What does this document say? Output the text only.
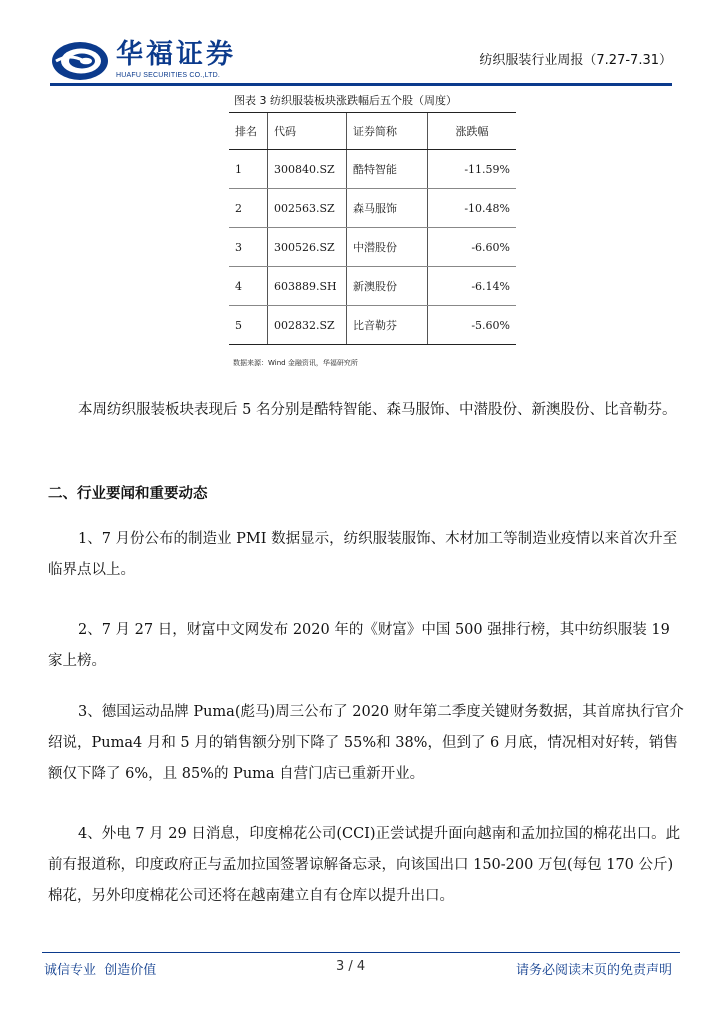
华福证券
HUAFU SECURITIES CO.,LTD.
纺织服装行业周报（7.27-7.31）
图表 3 纺织服装板块涨跌幅后五个股（周度）
排名	代码	证券简称	涨跌幅
1	300840.SZ	酷特智能	-11.59%
2	002563.SZ	森马服饰	-10.48%
3	300526.SZ	中潜股份	-6.60%
4	603889.SH	新澳股份	-6.14%
5	002832.SZ	比音勒芬	-5.60%
数据来源：Wind 金融资讯，华福研究所

本周纺织服装板块表现后 5 名分别是酷特智能、森马服饰、中潜股份、新澳股份、比音勒芬。

二、行业要闻和重要动态

1、7 月份公布的制造业 PMI 数据显示，纺织服装服饰、木材加工等制造业疫情以来首次升至临界点以上。

2、7 月 27 日，财富中文网发布 2020 年的《财富》中国 500 强排行榜，其中纺织服装 19 家上榜。

3、德国运动品牌 Puma(彪马)周三公布了 2020 财年第二季度关键财务数据，其首席执行官介绍说，Puma4 月和 5 月的销售额分别下降了 55%和 38%，但到了 6 月底，情况相对好转，销售额仅下降了 6%，且 85%的 Puma 自营门店已重新开业。

4、外电 7 月 29 日消息，印度棉花公司(CCI)正尝试提升面向越南和孟加拉国的棉花出口。此前有报道称，印度政府正与孟加拉国签署谅解备忘录，向该国出口 150-200 万包(每包 170 公斤)棉花，另外印度棉花公司还将在越南建立自有仓库以提升出口。

诚信专业  创造价值	3 / 4	请务必阅读末页的免责声明
